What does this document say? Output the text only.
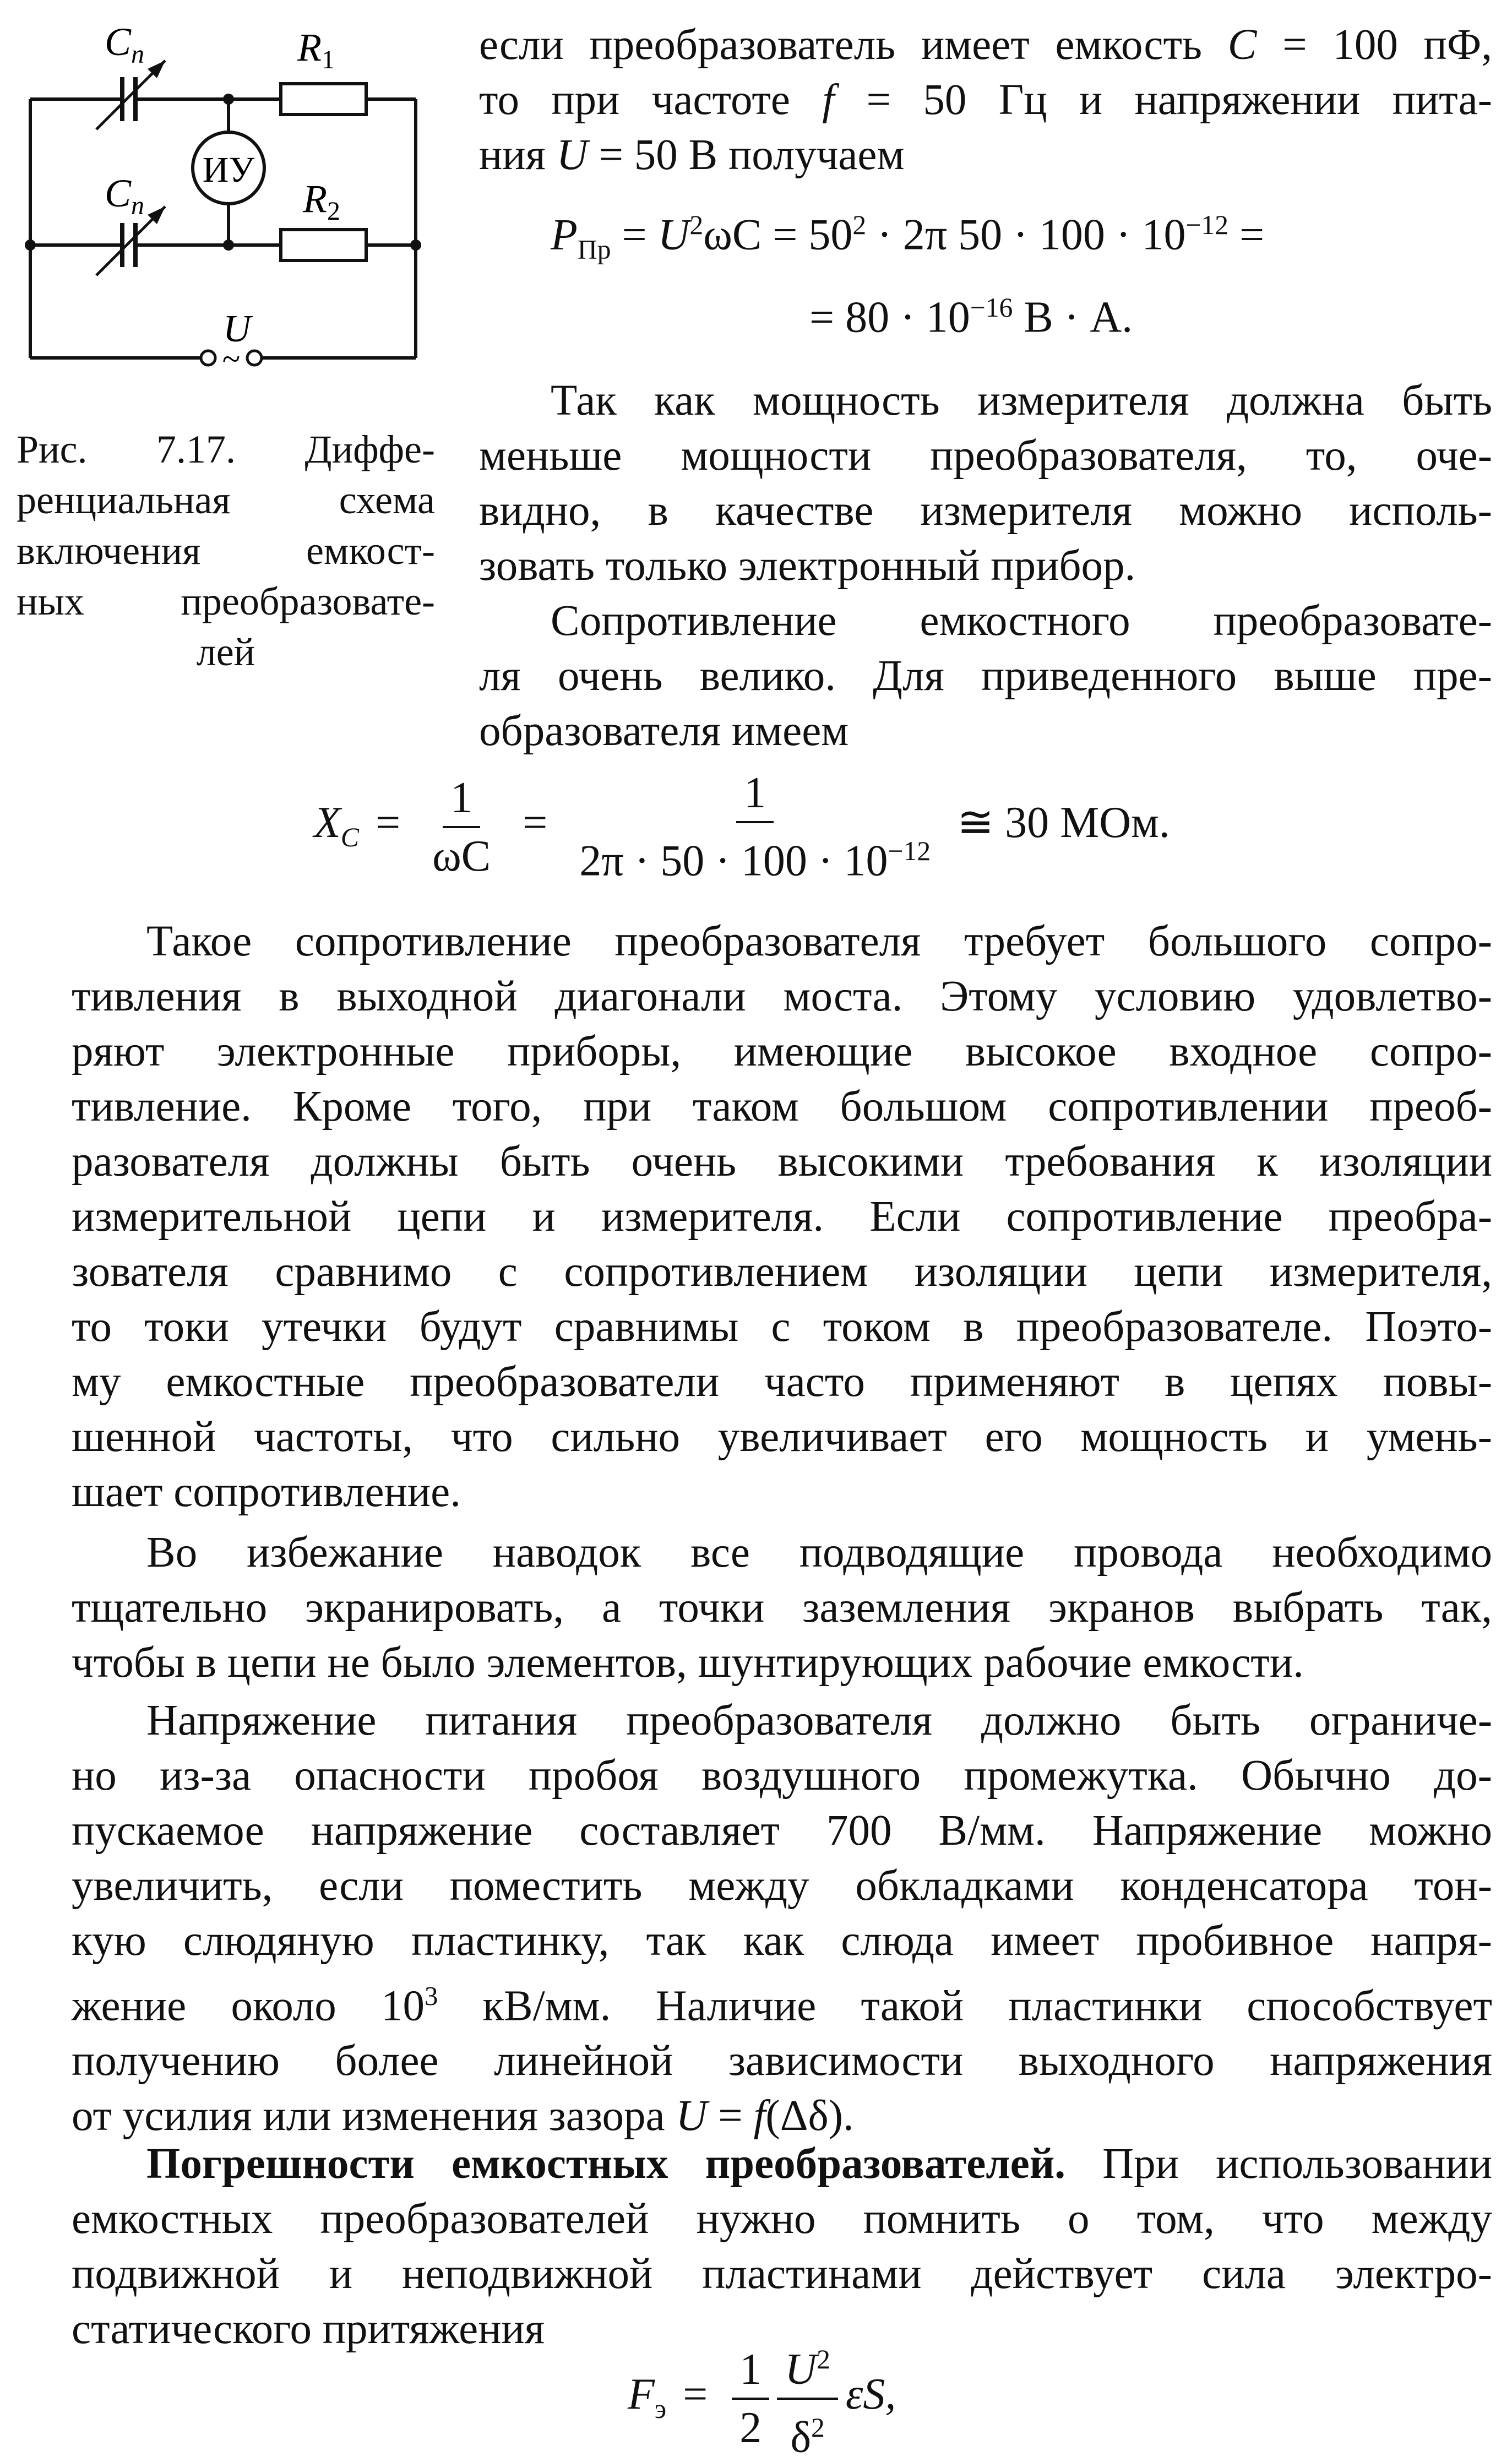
Cп	R1
ИУ
Cп	R2
U
~
Рис. 7.17. Диффе-
ренциальная схема
включения емкост-
ных преобразовате-
лей
если преобразователь имеет емкость C = 100 пФ,
то при частоте f = 50 Гц и напряжении пита-
ния U = 50 В получаем
$P_{Пр} = U^2\omega C = 50^2 \cdot 2\pi$ $50 \cdot 100 \cdot 10^{-12}$ =
= $80 \cdot 10^{-16}$ В · А.
Так как мощность измерителя должна быть
меньше мощности преобразователя, то, оче-
видно, в качестве измерителя можно исполь-
зовать только электронный прибор.
Сопротивление емкостного преобразовате-
ля очень велико. Для приведенного выше пре-
образователя имеем
$X_C = \frac{1}{\omega C} = \frac{1}{2\pi \cdot 50 \cdot 100 \cdot 10^{-12}}$ ≅ 30 МОм.
Такое сопротивление преобразователя требует большого сопро-
тивления в выходной диагонали моста. Этому условию удовлетво-
ряют электронные приборы, имеющие высокое входное сопро-
тивление. Кроме того, при таком большом сопротивлении преоб-
разователя должны быть очень высокими требования к изоляции
измерительной цепи и измерителя. Если сопротивление преобра-
зователя сравнимо с сопротивлением изоляции цепи измерителя,
то токи утечки будут сравнимы с током в преобразователе. Поэто-
му емкостные преобразователи часто применяют в цепях повы-
шенной частоты, что сильно увеличивает его мощность и умень-
шает сопротивление.
Во избежание наводок все подводящие провода необходимо
тщательно экранировать, а точки заземления экранов выбрать так,
чтобы в цепи не было элементов, шунтирующих рабочие емкости.
Напряжение питания преобразователя должно быть ограниче-
но из-за опасности пробоя воздушного промежутка. Обычно до-
пускаемое напряжение составляет 700 В/мм. Напряжение можно
увеличить, если поместить между обкладками конденсатора тон-
кую слюдяную пластинку, так как слюда имеет пробивное напря-
жение около $10^3$ кВ/мм. Наличие такой пластинки способствует
получению более линейной зависимости выходного напряжения
от усилия или изменения зазора U = f(Δδ).
Погрешности емкостных преобразователей. При использовании
емкостных преобразователей нужно помнить о том, что между
подвижной и неподвижной пластинами действует сила электро-
статического притяжения
$F_э = \frac{1}{2} \frac{U^2}{\delta^2} \varepsilon S$,
